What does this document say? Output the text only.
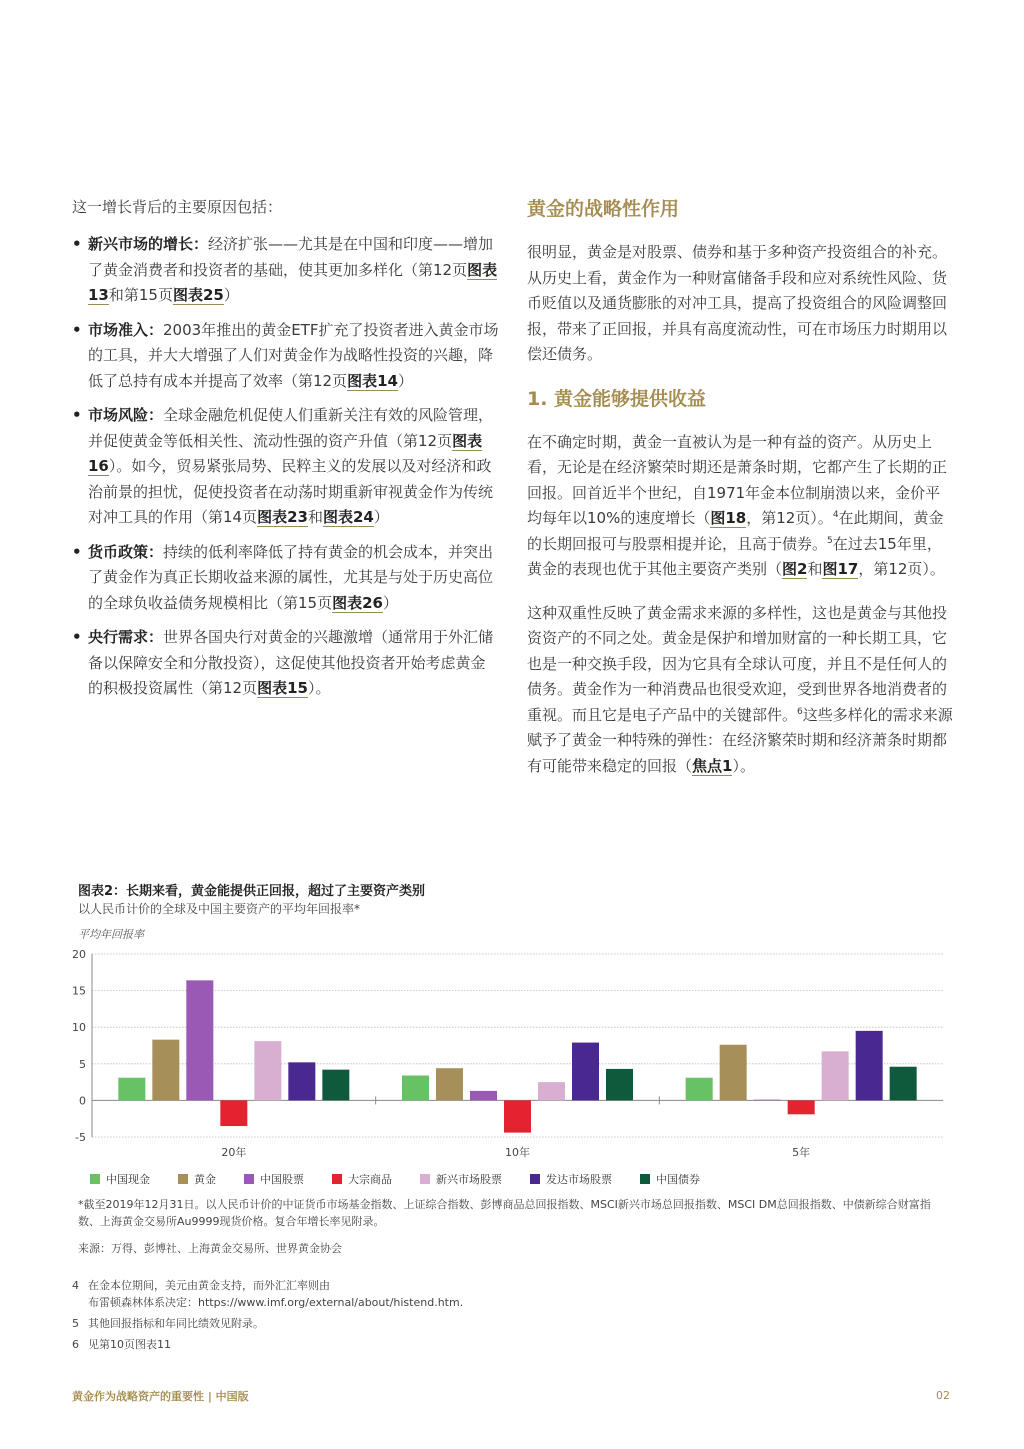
这一增长背后的主要原因包括：

• 新兴市场的增长：经济扩张——尤其是在中国和印度——增加了黄金消费者和投资者的基础，使其更加多样化（第12页图表13和第15页图表25）
• 市场准入：2003年推出的黄金ETF扩充了投资者进入黄金市场的工具，并大大增强了人们对黄金作为战略性投资的兴趣，降低了总持有成本并提高了效率（第12页图表14）
• 市场风险：全球金融危机促使人们重新关注有效的风险管理，并促使黄金等低相关性、流动性强的资产升值（第12页图表16）。如今，贸易紧张局势、民粹主义的发展以及对经济和政治前景的担忧，促使投资者在动荡时期重新审视黄金作为传统对冲工具的作用（第14页图表23和图表24）
• 货币政策：持续的低利率降低了持有黄金的机会成本，并突出了黄金作为真正长期收益来源的属性，尤其是与处于历史高位的全球负收益债务规模相比（第15页图表26）
• 央行需求：世界各国央行对黄金的兴趣激增（通常用于外汇储备以保障安全和分散投资），这促使其他投资者开始考虑黄金的积极投资属性（第12页图表15）。
黄金的战略性作用

很明显，黄金是对股票、债券和基于多种资产投资组合的补充。从历史上看，黄金作为一种财富储备手段和应对系统性风险、货币贬值以及通货膨胀的对冲工具，提高了投资组合的风险调整回报，带来了正回报，并具有高度流动性，可在市场压力时期用以偿还债务。

1. 黄金能够提供收益

在不确定时期，黄金一直被认为是一种有益的资产。从历史上看，无论是在经济繁荣时期还是萧条时期，它都产生了长期的正回报。回首近半个世纪，自1971年金本位制崩溃以来，金价平均每年以10%的速度增长（图18，第12页）。$^4$在此期间，黄金的长期回报可与股票相提并论，且高于债券。$^5$在过去15年里，黄金的表现也优于其他主要资产类别（图2和图17，第12页）。

这种双重性反映了黄金需求来源的多样性，这也是黄金与其他投资资产的不同之处。黄金是保护和增加财富的一种长期工具，它也是一种交换手段，因为它具有全球认可度，并且不是任何人的债务。黄金作为一种消费品也很受欢迎，受到世界各地消费者的重视。而且它是电子产品中的关键部件。$^6$这些多样化的需求来源赋予了黄金一种特殊的弹性：在经济繁荣时期和经济萧条时期都有可能带来稳定的回报（焦点1）。

图表2：长期来看，黄金能提供正回报，超过了主要资产类别
以人民币计价的全球及中国主要资产的平均年回报率*
平均年回报率
20
15
10
5
0
-5
20年	10年	5年
中国现金	黄金	中国股票	大宗商品	新兴市场股票	发达市场股票	中国债券
*截至2019年12月31日。以人民币计价的中证货币市场基金指数、上证综合指数、彭博商品总回报指数、MSCI新兴市场总回报指数、MSCI DM总回报指数、中债新综合财富指数、上海黄金交易所Au9999现货价格。复合年增长率见附录。
来源：万得、彭博社、上海黄金交易所、世界黄金协会
4 在金本位期间，美元由黄金支持，而外汇汇率则由
布雷顿森林体系决定：https://www.imf.org/external/about/histend.htm.
5 其他回报指标和年同比绩效见附录。
6 见第10页图表11
黄金作为战略资产的重要性 | 中国版	02
